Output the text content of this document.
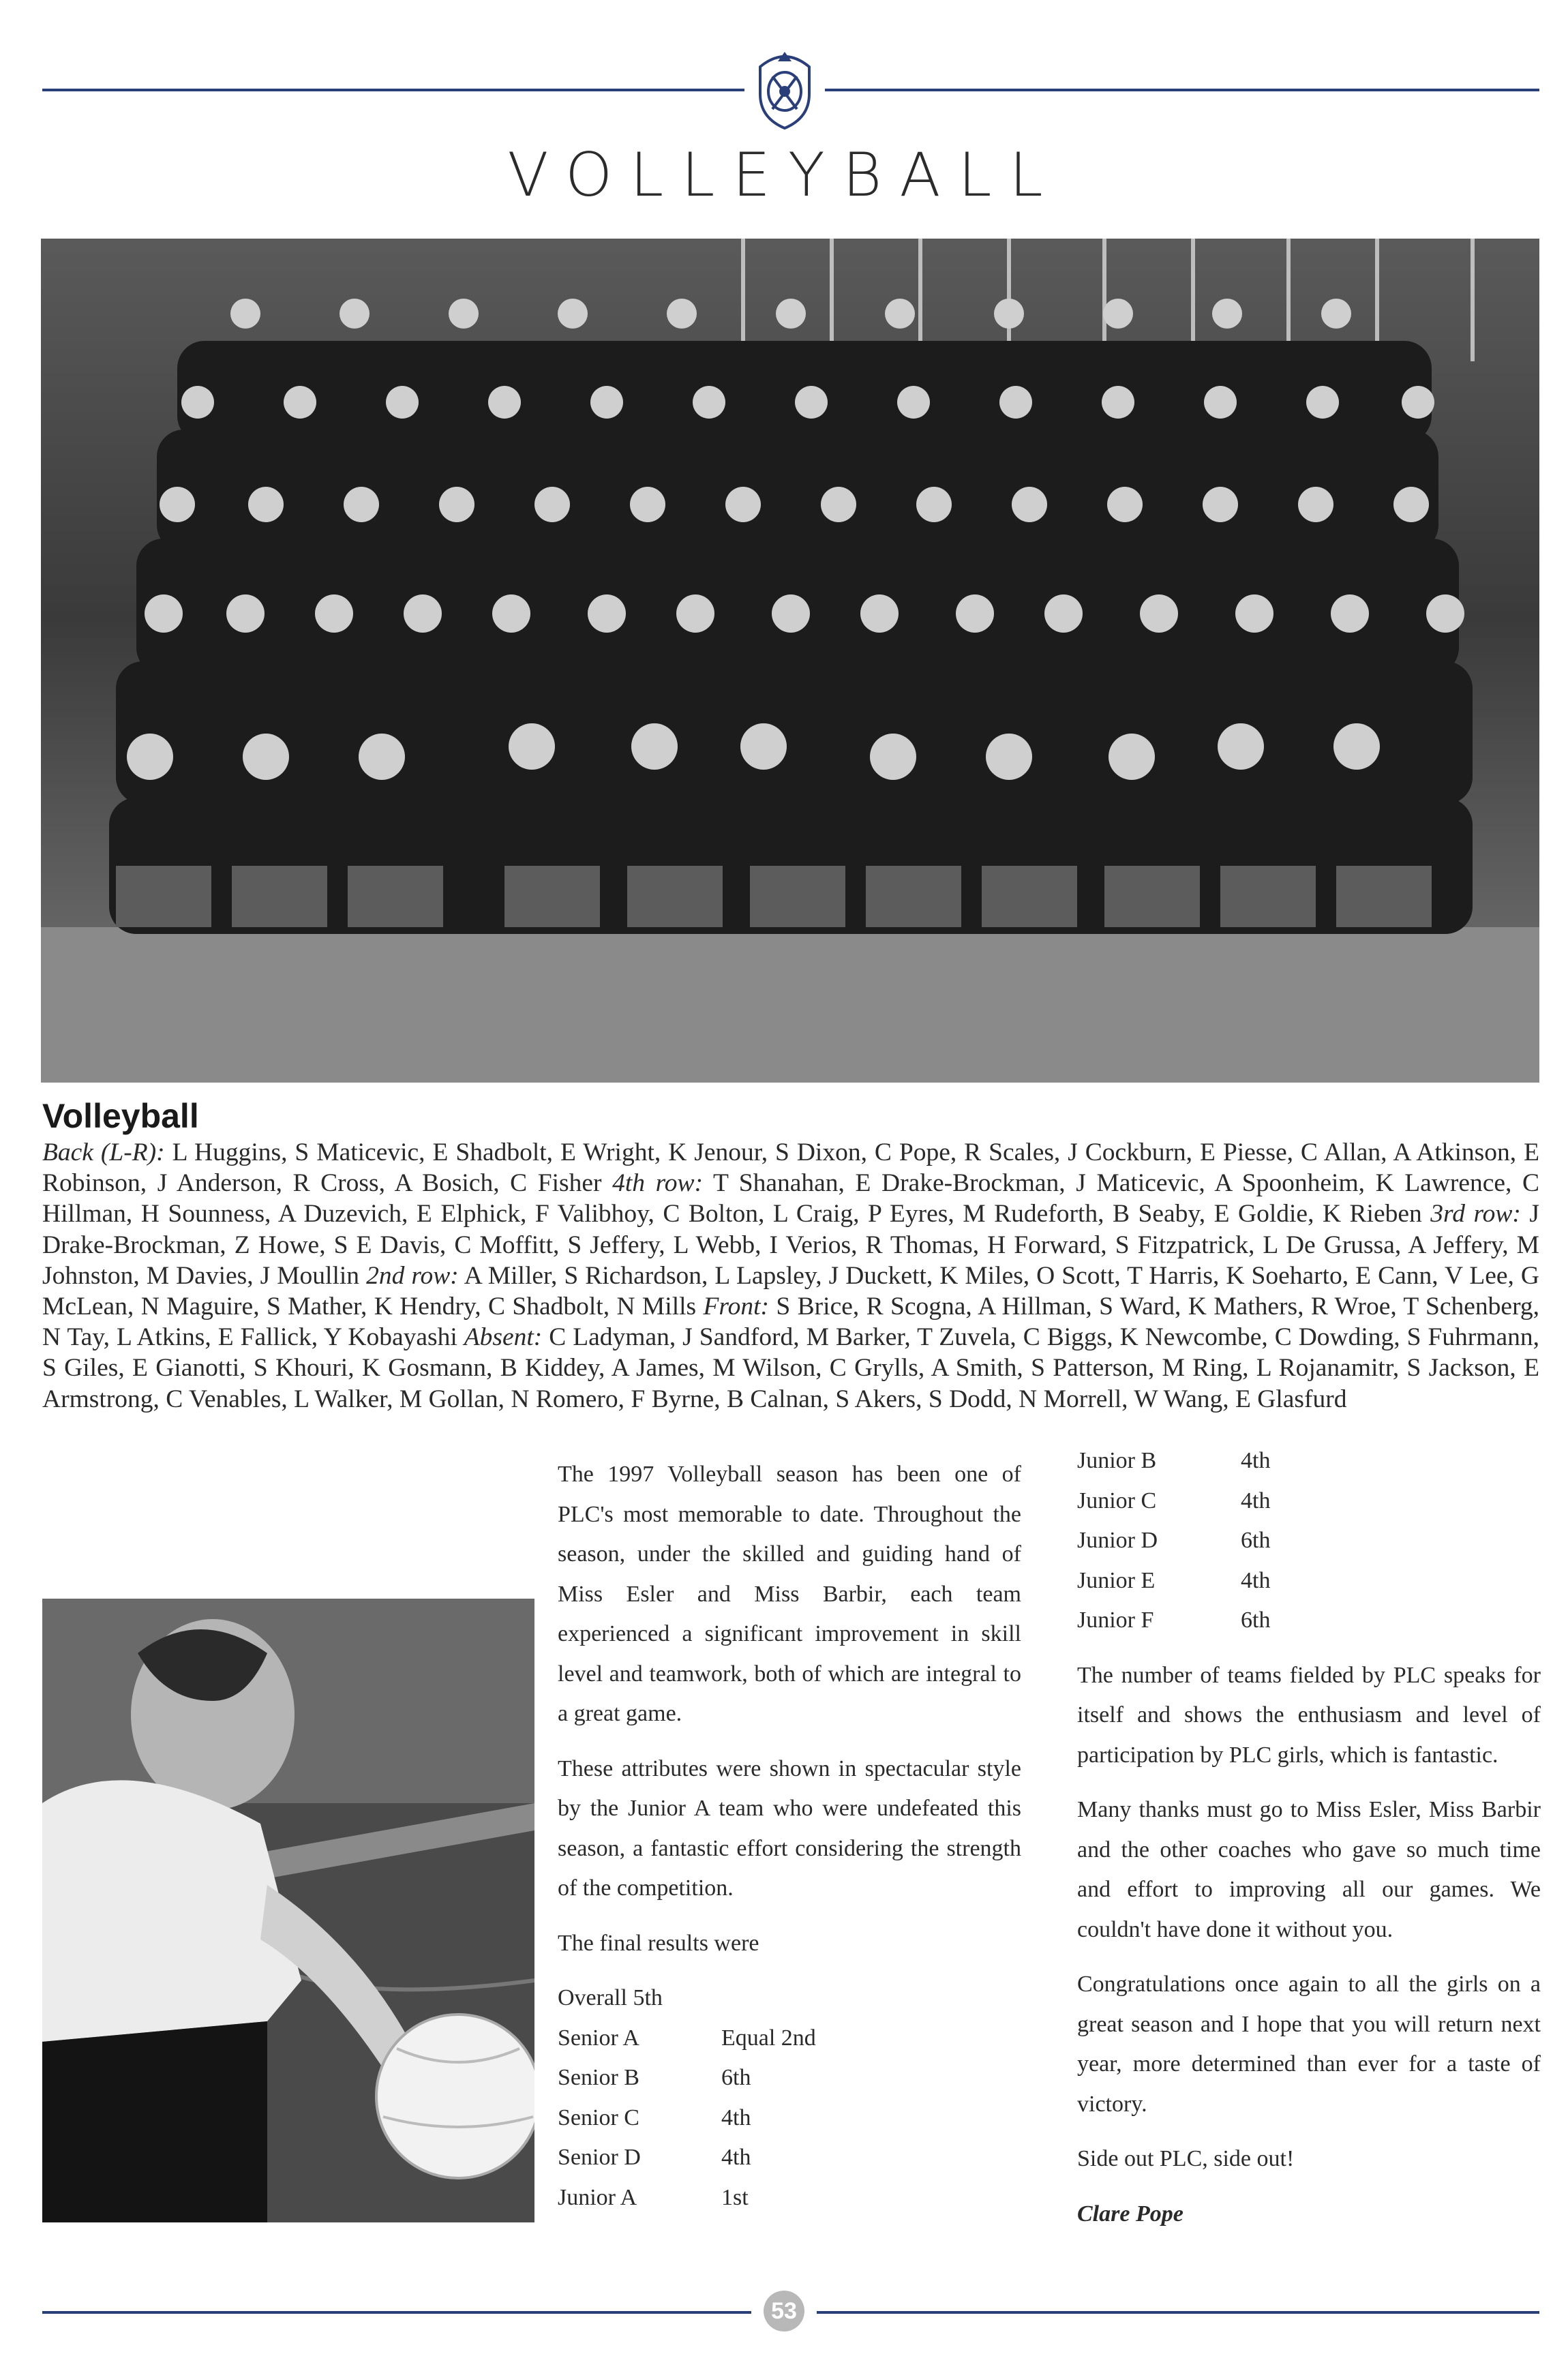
VOLLEYBALL
Volleyball
Back (L-R): L Huggins, S Maticevic, E Shadbolt, E Wright, K Jenour, S Dixon, C Pope, R Scales, J Cockburn, E Piesse, C Allan, A Atkinson, E Robinson, J Anderson, R Cross, A Bosich, C Fisher 4th row: T Shanahan, E Drake-Brockman, J Maticevic, A Spoonheim, K Lawrence, C Hillman, H Sounness, A Duzevich, E Elphick, F Valibhoy, C Bolton, L Craig, P Eyres, M Rudeforth, B Seaby, E Goldie, K Rieben 3rd row: J Drake-Brockman, Z Howe, S E Davis, C Moffitt, S Jeffery, L Webb, I Verios, R Thomas, H Forward, S Fitzpatrick, L De Grussa, A Jeffery, M Johnston, M Davies, J Moullin 2nd row: A Miller, S Richardson, L Lapsley, J Duckett, K Miles, O Scott, T Harris, K Soeharto, E Cann, V Lee, G McLean, N Maguire, S Mather, K Hendry, C Shadbolt, N Mills Front: S Brice, R Scogna, A Hillman, S Ward, K Mathers, R Wroe, T Schenberg, N Tay, L Atkins, E Fallick, Y Kobayashi Absent: C Ladyman, J Sandford, M Barker, T Zuvela, C Biggs, K Newcombe, C Dowding, S Fuhrmann, S Giles, E Gianotti, S Khouri, K Gosmann, B Kiddey, A James, M Wilson, C Grylls, A Smith, S Patterson, M Ring, L Rojanamitr, S Jackson, E Armstrong, C Venables, L Walker, M Gollan, N Romero, F Byrne, B Calnan, S Akers, S Dodd, N Morrell, W Wang, E Glasfurd

The 1997 Volleyball season has been one of PLC's most memorable to date. Throughout the season, under the skilled and guiding hand of Miss Esler and Miss Barbir, each team experienced a significant improvement in skill level and teamwork, both of which are integral to a great game.

These attributes were shown in spectacular style by the Junior A team who were undefeated this season, a fantastic effort considering the strength of the competition.

The final results were

Overall 5th
Senior A	Equal 2nd
Senior B	6th
Senior C	4th
Senior D	4th
Junior A	1st
Junior B	4th
Junior C	4th
Junior D	6th
Junior E	4th
Junior F	6th

The number of teams fielded by PLC speaks for itself and shows the enthusiasm and level of participation by PLC girls, which is fantastic.

Many thanks must go to Miss Esler, Miss Barbir and the other coaches who gave so much time and effort to improving all our games. We couldn't have done it without you.

Congratulations once again to all the girls on a great season and I hope that you will return next year, more determined than ever for a taste of victory.

Side out PLC, side out!

Clare Pope

53
